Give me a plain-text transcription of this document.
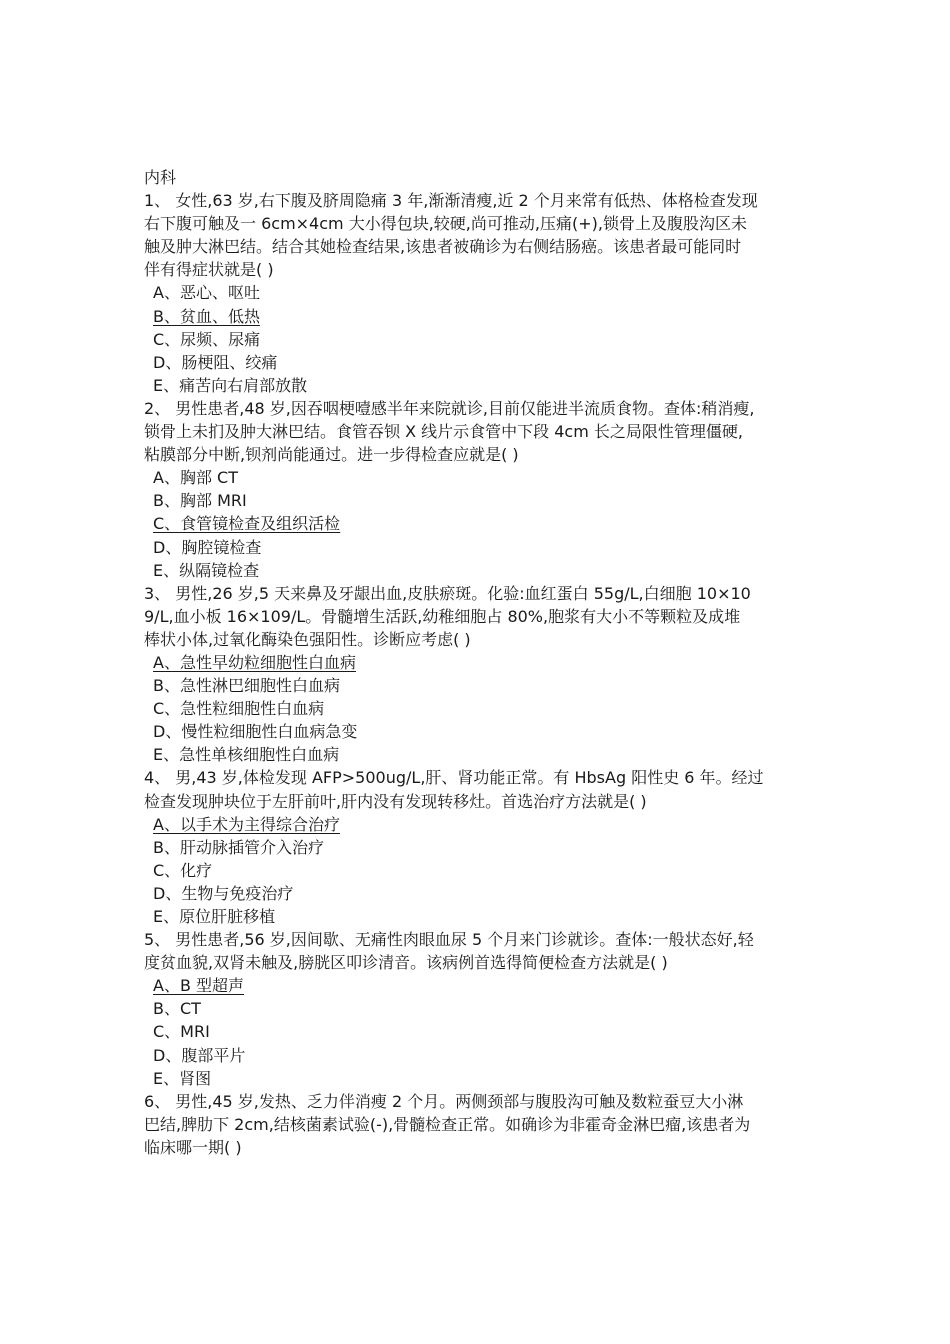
内科
1、 女性,63 岁,右下腹及脐周隐痛 3 年,渐渐清瘦,近 2 个月来常有低热、体格检查发现
右下腹可触及一 6cm×4cm 大小得包块,较硬,尚可推动,压痛(+),锁骨上及腹股沟区未
触及肿大淋巴结。结合其她检查结果,该患者被确诊为右侧结肠癌。该患者最可能同时
伴有得症状就是( )
A、恶心、呕吐
B、贫血、低热
C、尿频、尿痛
D、肠梗阻、绞痛
E、痛苦向右肩部放散
2、 男性患者,48 岁,因吞咽梗噎感半年来院就诊,目前仅能进半流质食物。查体:稍消瘦,
锁骨上未扪及肿大淋巴结。食管吞钡 X 线片示食管中下段 4cm 长之局限性管理僵硬,
粘膜部分中断,钡剂尚能通过。进一步得检查应就是( )
A、胸部 CT
B、胸部 MRI
C、食管镜检查及组织活检
D、胸腔镜检查
E、纵隔镜检查
3、 男性,26 岁,5 天来鼻及牙龈出血,皮肤瘀斑。化验:血红蛋白 55g/L,白细胞 10×10
9/L,血小板 16×109/L。骨髓增生活跃,幼稚细胞占 80%,胞浆有大小不等颗粒及成堆
棒状小体,过氧化酶染色强阳性。诊断应考虑( )
A、急性早幼粒细胞性白血病
B、急性淋巴细胞性白血病
C、急性粒细胞性白血病
D、慢性粒细胞性白血病急变
E、急性单核细胞性白血病
4、 男,43 岁,体检发现 AFP>500ug/L,肝、肾功能正常。有 HbsAg 阳性史 6 年。经过
检查发现肿块位于左肝前叶,肝内没有发现转移灶。首选治疗方法就是( )
A、以手术为主得综合治疗
B、肝动脉插管介入治疗
C、化疗
D、生物与免疫治疗
E、原位肝脏移植
5、 男性患者,56 岁,因间歇、无痛性肉眼血尿 5 个月来门诊就诊。查体:一般状态好,轻
度贫血貌,双肾未触及,膀胱区叩诊清音。该病例首选得简便检查方法就是( )
A、B 型超声
B、CT
C、MRI
D、腹部平片
E、肾图
6、 男性,45 岁,发热、乏力伴消瘦 2 个月。两侧颈部与腹股沟可触及数粒蚕豆大小淋
巴结,脾肋下 2cm,结核菌素试验(-),骨髓检查正常。如确诊为非霍奇金淋巴瘤,该患者为
临床哪一期( )
